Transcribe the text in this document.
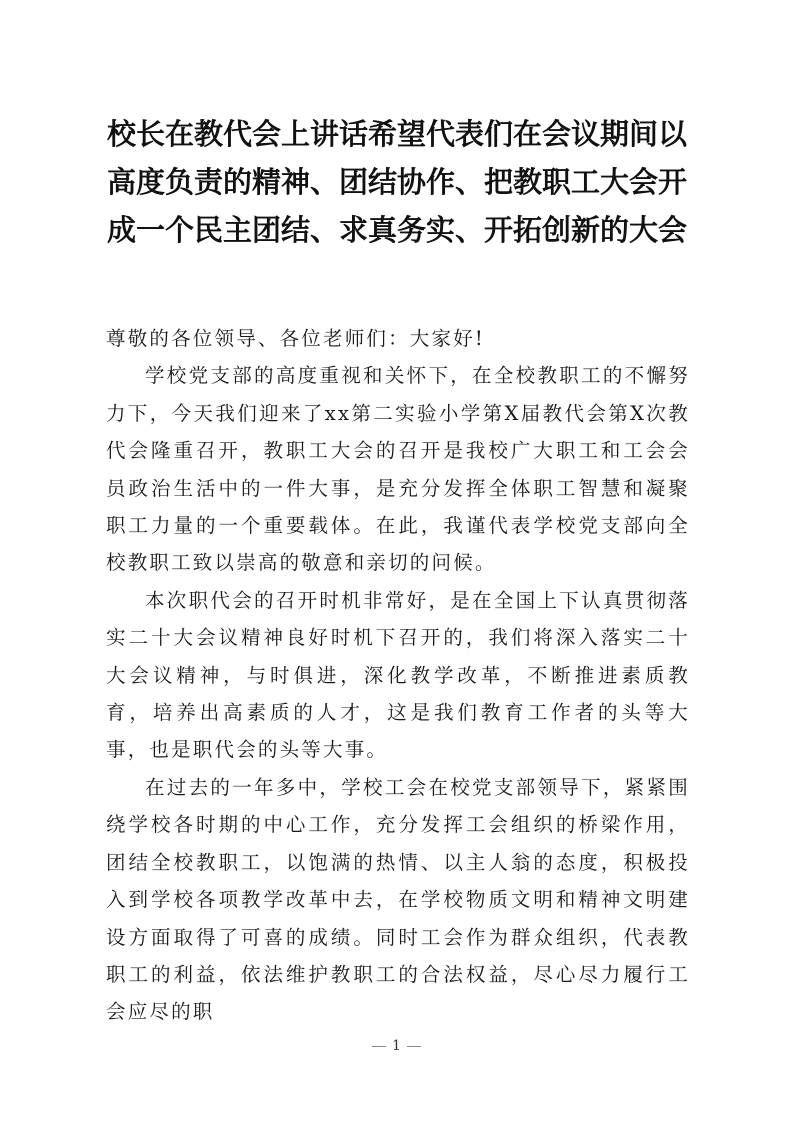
校长在教代会上讲话希望代表们在会议期间以高度负责的精神、团结协作、把教职工大会开成一个民主团结、求真务实、开拓创新的大会

尊敬的各位领导、各位老师们：大家好!

学校党支部的高度重视和关怀下，在全校教职工的不懈努力下，今天我们迎来了xx第二实验小学第X届教代会第X次教代会隆重召开，教职工大会的召开是我校广大职工和工会会员政治生活中的一件大事，是充分发挥全体职工智慧和凝聚职工力量的一个重要载体。在此，我谨代表学校党支部向全校教职工致以崇高的敬意和亲切的问候。

本次职代会的召开时机非常好，是在全国上下认真贯彻落实二十大会议精神良好时机下召开的，我们将深入落实二十大会议精神，与时俱进，深化教学改革，不断推进素质教育，培养出高素质的人才，这是我们教育工作者的头等大事，也是职代会的头等大事。

在过去的一年多中，学校工会在校党支部领导下，紧紧围绕学校各时期的中心工作，充分发挥工会组织的桥梁作用，团结全校教职工，以饱满的热情、以主人翁的态度，积极投入到学校各项教学改革中去，在学校物质文明和精神文明建设方面取得了可喜的成绩。同时工会作为群众组织，代表教职工的利益，依法维护教职工的合法权益，尽心尽力履行工会应尽的职

1
